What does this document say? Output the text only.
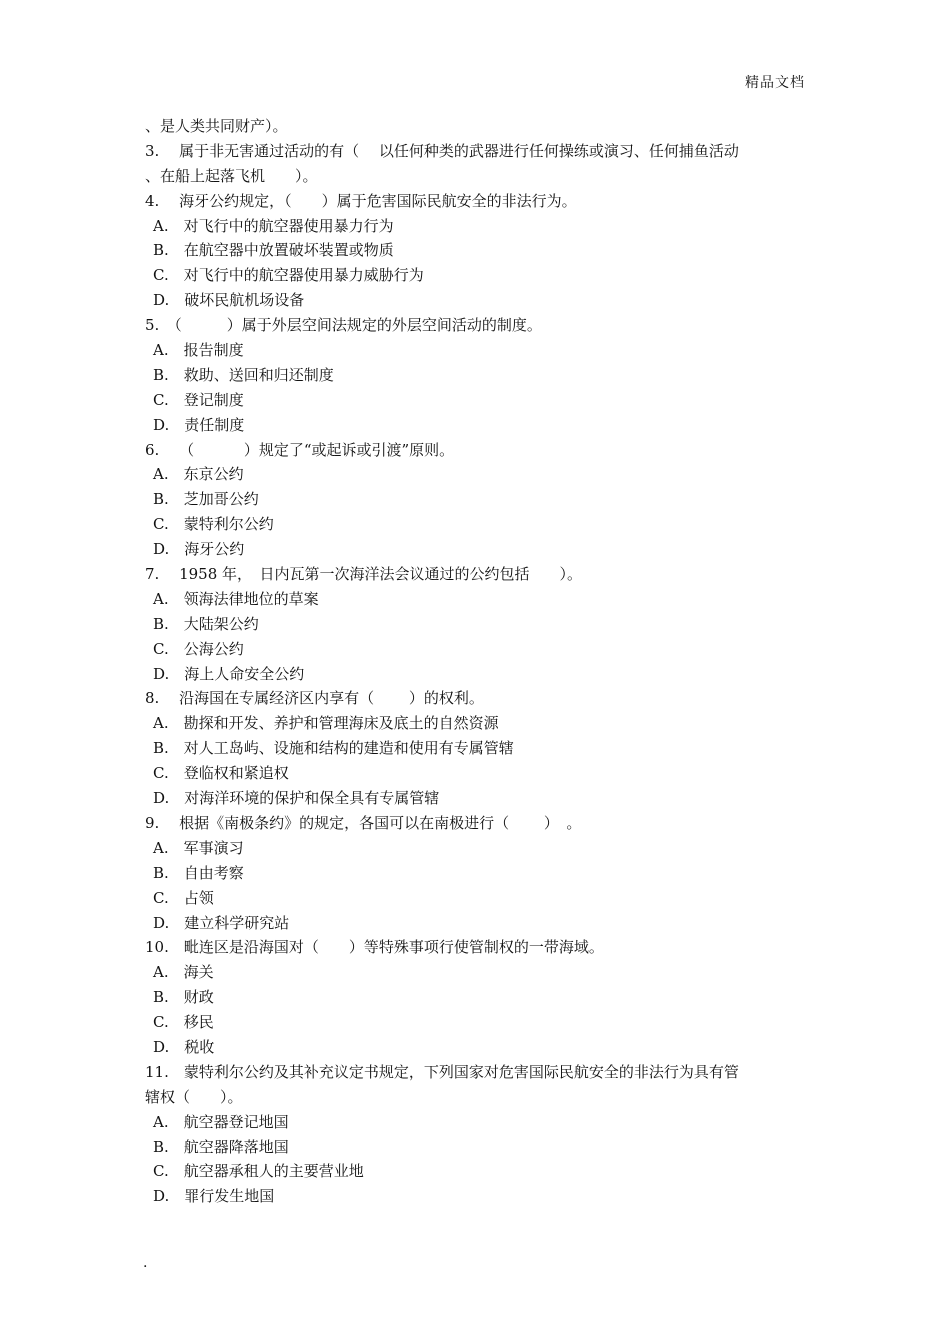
精品文档
、是人类共同财产）。
3.　 属于非无害通过活动的有（　 以任何种类的武器进行任何操练或演习、任何捕鱼活动
、在船上起落飞机　　）。
4.　 海牙公约规定，（　　）属于危害国际民航安全的非法行为。
A.　对飞行中的航空器使用暴力行为
B.　在航空器中放置破坏装置或物质
C.　对飞行中的航空器使用暴力威胁行为
D.　破坏民航机场设备
5.　（　　　）属于外层空间法规定的外层空间活动的制度。
A.　报告制度
B.　救助、送回和归还制度
C.　登记制度
D.　责任制度
6.　 （　　　 ）规定了“或起诉或引渡”原则。
A.　东京公约
B.　芝加哥公约
C.　蒙特利尔公约
D.　海牙公约
7.　 1958 年，　日内瓦第一次海洋法会议通过的公约包括　　）。
A.　领海法律地位的草案
B.　大陆架公约
C.　公海公约
D.　海上人命安全公约
8.　 沿海国在专属经济区内享有（　　 ）的权利。
A.　勘探和开发、养护和管理海床及底土的自然资源
B.　对人工岛屿、设施和结构的建造和使用有专属管辖
C.　登临权和紧追权
D.　对海洋环境的保护和保全具有专属管辖
9.　 根据《南极条约》的规定，各国可以在南极进行（　　 ）　。
A.　军事演习
B.　自由考察
C.　占领
D.　建立科学研究站
10.　毗连区是沿海国对（　　）等特殊事项行使管制权的一带海域。
A.　海关
B.　财政
C.　移民
D.　税收
11.　蒙特利尔公约及其补充议定书规定，下列国家对危害国际民航安全的非法行为具有管
辖权（　　）。
A.　航空器登记地国
B.　航空器降落地国
C.　航空器承租人的主要营业地
D.　罪行发生地国
.
